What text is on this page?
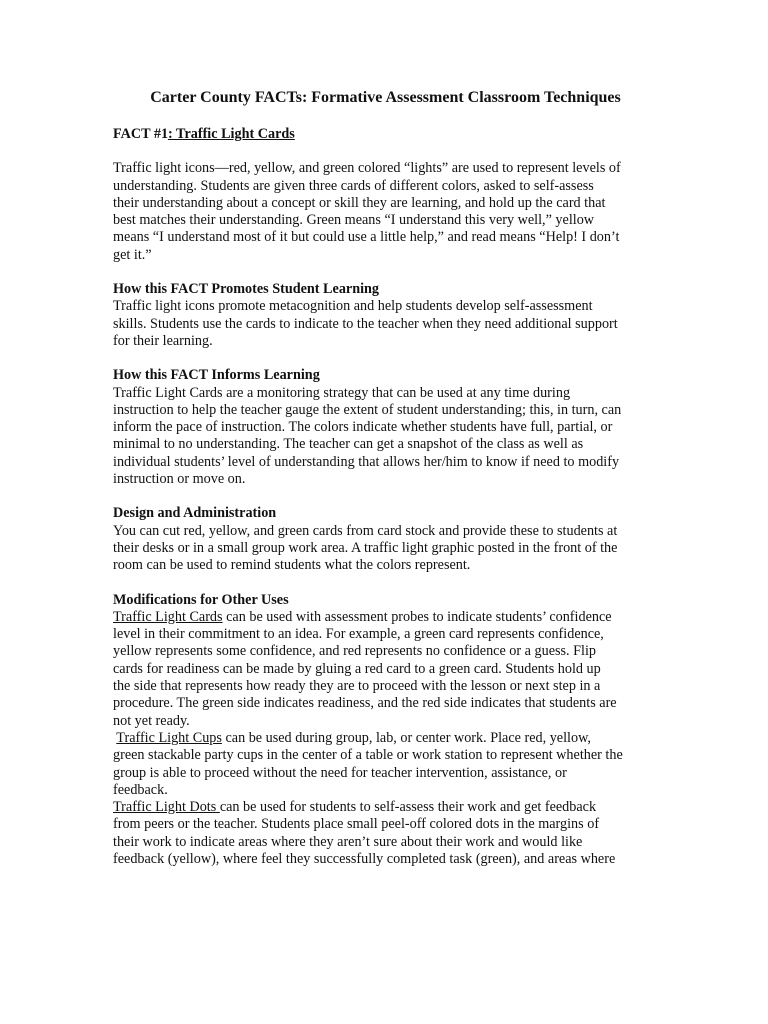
Carter County FACTs: Formative Assessment Classroom Techniques
FACT #1: Traffic Light Cards
Traffic light icons—red, yellow, and green colored “lights” are used to represent levels of
understanding. Students are given three cards of different colors, asked to self-assess
their understanding about a concept or skill they are learning, and hold up the card that
best matches their understanding. Green means “I understand this very well,” yellow
means “I understand most of it but could use a little help,” and read means “Help! I don’t
get it.”
How this FACT Promotes Student Learning
Traffic light icons promote metacognition and help students develop self-assessment
skills. Students use the cards to indicate to the teacher when they need additional support
for their learning.
How this FACT Informs Learning
Traffic Light Cards are a monitoring strategy that can be used at any time during
instruction to help the teacher gauge the extent of student understanding; this, in turn, can
inform the pace of instruction. The colors indicate whether students have full, partial, or
minimal to no understanding. The teacher can get a snapshot of the class as well as
individual students’ level of understanding that allows her/him to know if need to modify
instruction or move on.
Design and Administration
You can cut red, yellow, and green cards from card stock and provide these to students at
their desks or in a small group work area. A traffic light graphic posted in the front of the
room can be used to remind students what the colors represent.
Modifications for Other Uses
Traffic Light Cards can be used with assessment probes to indicate students’ confidence
level in their commitment to an idea. For example, a green card represents confidence,
yellow represents some confidence, and red represents no confidence or a guess. Flip
cards for readiness can be made by gluing a red card to a green card. Students hold up
the side that represents how ready they are to proceed with the lesson or next step in a
procedure. The green side indicates readiness, and the red side indicates that students are
not yet ready.
Traffic Light Cups can be used during group, lab, or center work. Place red, yellow,
green stackable party cups in the center of a table or work station to represent whether the
group is able to proceed without the need for teacher intervention, assistance, or
feedback.
Traffic Light Dots can be used for students to self-assess their work and get feedback
from peers or the teacher. Students place small peel-off colored dots in the margins of
their work to indicate areas where they aren’t sure about their work and would like
feedback (yellow), where feel they successfully completed task (green), and areas where
